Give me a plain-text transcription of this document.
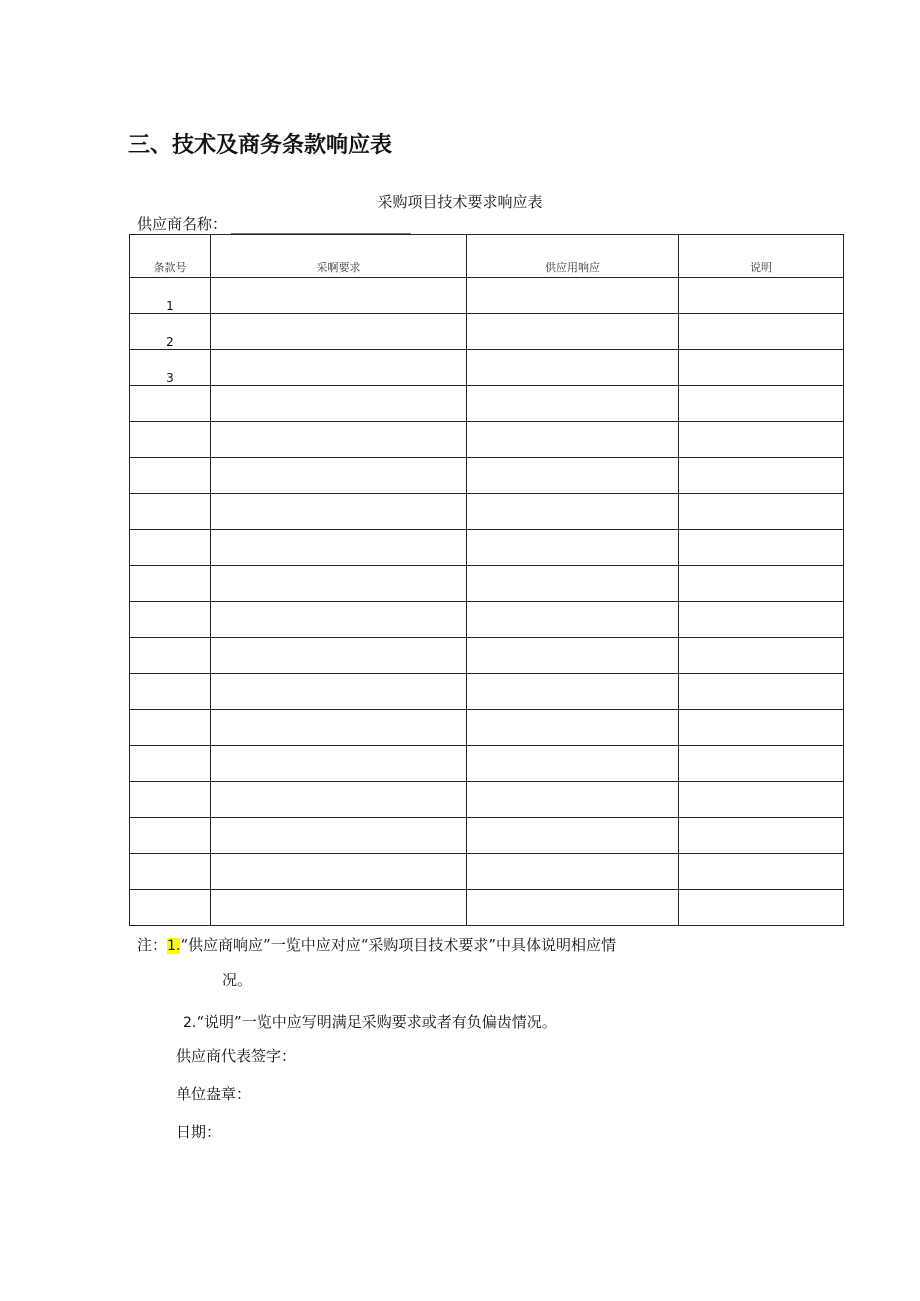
三、技术及商务条款响应表
采购项目技术要求响应表
供应商名称：
条款号	采啊要求	供应用响应	说明
1			
2			
3			

注：1.“供应商响应”一览中应对应“采购项目技术要求”中具体说明相应情
况。
2.“说明”一览中应写明满足采购要求或者有负偏齿情况。
供应商代表签字：
单位盎章：
日期：
